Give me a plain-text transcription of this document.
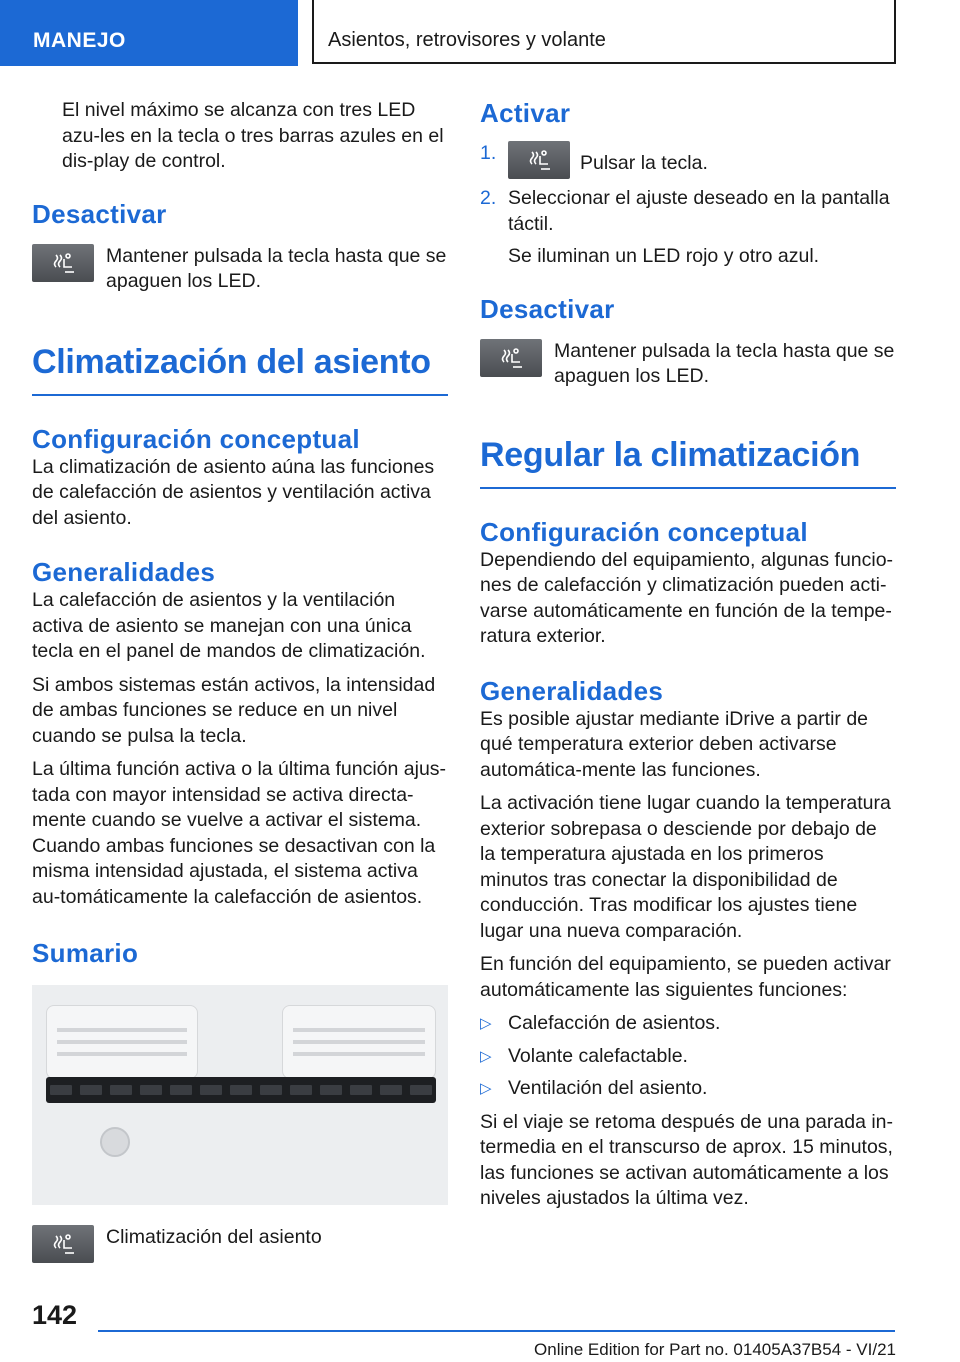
MANEJO	Asientos, retrovisores y volante

El nivel máximo se alcanza con tres LED azu-les en la tecla o tres barras azules en el dis-play de control.

Desactivar
Mantener pulsada la tecla hasta que se apaguen los LED.
Climatización del asiento
Configuración conceptual

La climatización de asiento aúna las funciones de calefacción de asientos y ventilación activa del asiento.

Generalidades

La calefacción de asientos y la ventilación activa de asiento se manejan con una única tecla en el panel de mandos de climatización.

Si ambos sistemas están activos, la intensidad de ambas funciones se reduce en un nivel cuando se pulsa la tecla.

La última función activa o la última función ajus-tada con mayor intensidad se activa directa-mente cuando se vuelve a activar el sistema. Cuando ambas funciones se desactivan con la misma intensidad ajustada, el sistema activa au-tomáticamente la calefacción de asientos.

Sumario
Climatización del asiento
Activar
1.	Pulsar la tecla.
2. Seleccionar el ajuste deseado en la pantalla táctil.

Se iluminan un LED rojo y otro azul.

Desactivar
Mantener pulsada la tecla hasta que se apaguen los LED.
Regular la climatización
Configuración conceptual

Dependiendo del equipamiento, algunas funcio-nes de calefacción y climatización pueden acti-varse automáticamente en función de la tempe-ratura exterior.

Generalidades

Es posible ajustar mediante iDrive a partir de qué temperatura exterior deben activarse automática-mente las funciones.

La activación tiene lugar cuando la temperatura exterior sobrepasa o desciende por debajo de la temperatura ajustada en los primeros minutos tras conectar la disponibilidad de conducción. Tras modificar los ajustes tiene lugar una nueva comparación.

En función del equipamiento, se pueden activar automáticamente las siguientes funciones:

▷ Calefacción de asientos.
▷ Volante calefactable.
▷ Ventilación del asiento.

Si el viaje se retoma después de una parada in-termedia en el transcurso de aprox. 15 minutos, las funciones se activan automáticamente a los niveles ajustados la última vez.

142
Online Edition for Part no. 01405A37B54 - VI/21
